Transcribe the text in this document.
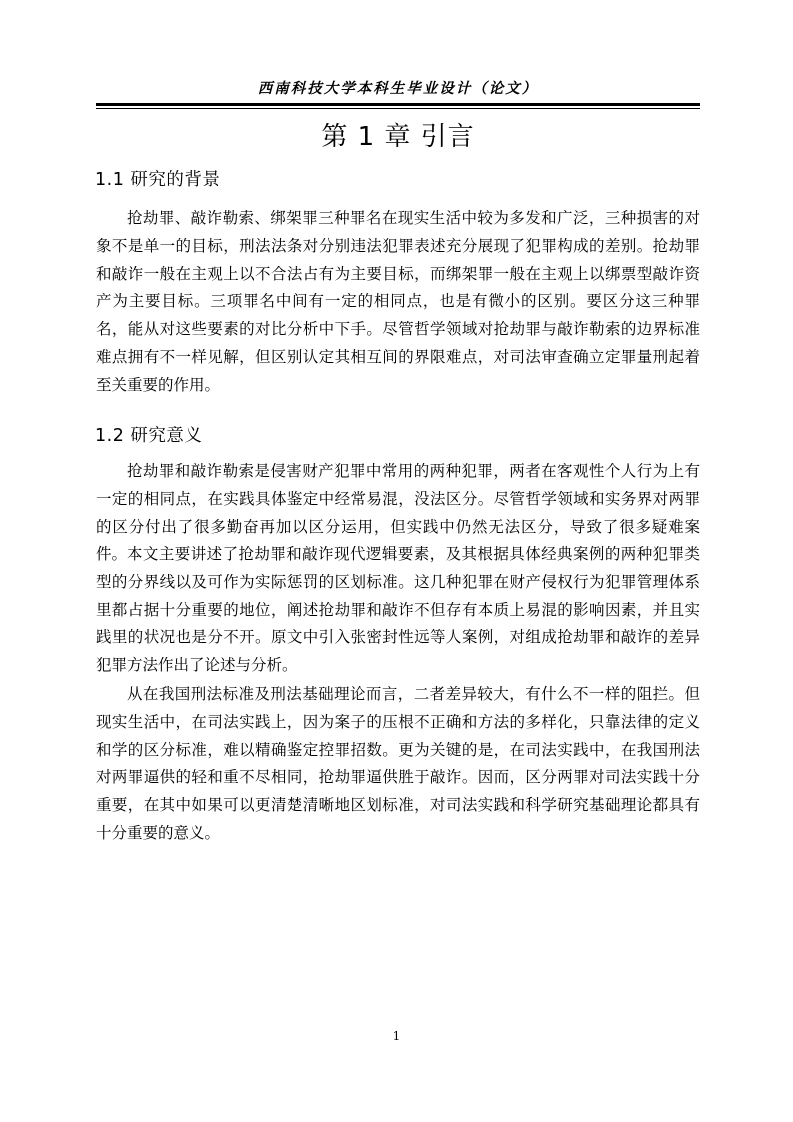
西南科技大学本科生毕业设计（论文）
第 1 章 引言
1.1 研究的背景

抢劫罪、敲诈勒索、绑架罪三种罪名在现实生活中较为多发和广泛，三种损害的对象不是单一的目标，刑法法条对分别违法犯罪表述充分展现了犯罪构成的差别。抢劫罪和敲诈一般在主观上以不合法占有为主要目标，而绑架罪一般在主观上以绑票型敲诈资产为主要目标。三项罪名中间有一定的相同点，也是有微小的区别。要区分这三种罪名，能从对这些要素的对比分析中下手。尽管哲学领域对抢劫罪与敲诈勒索的边界标准难点拥有不一样见解，但区别认定其相互间的界限难点，对司法审查确立定罪量刑起着至关重要的作用。

1.2 研究意义

抢劫罪和敲诈勒索是侵害财产犯罪中常用的两种犯罪，两者在客观性个人行为上有一定的相同点，在实践具体鉴定中经常易混，没法区分。尽管哲学领域和实务界对两罪的区分付出了很多勤奋再加以区分运用，但实践中仍然无法区分，导致了很多疑难案件。 本文主要讲述了抢劫罪和敲诈现代逻辑要素，及其根据具体经典案例的两种犯罪类型的分界线以及可作为实际惩罚的区划标准。这几种犯罪在财产侵权行为犯罪管理体系里都占据十分重要的地位，阐述抢劫罪和敲诈不但存有本质上易混的影响因素，并且实践里的状况也是分不开。原文中引入张密封性远等人案例，对组成抢劫罪和敲诈的差异犯罪方法作出了论述与分析。

从在我国刑法标准及刑法基础理论而言，二者差异较大，有什么不一样的阻拦。但现实生活中，在司法实践上，因为案子的压根不正确和方法的多样化，只靠法律的定义和学的区分标准，难以精确鉴定控罪招数。更为关键的是，在司法实践中，在我国刑法对两罪逼供的轻和重不尽相同，抢劫罪逼供胜于敲诈。因而，区分两罪对司法实践十分重要，在其中如果可以更清楚清晰地区划标准，对司法实践和科学研究基础理论都具有十分重要的意义。

1
